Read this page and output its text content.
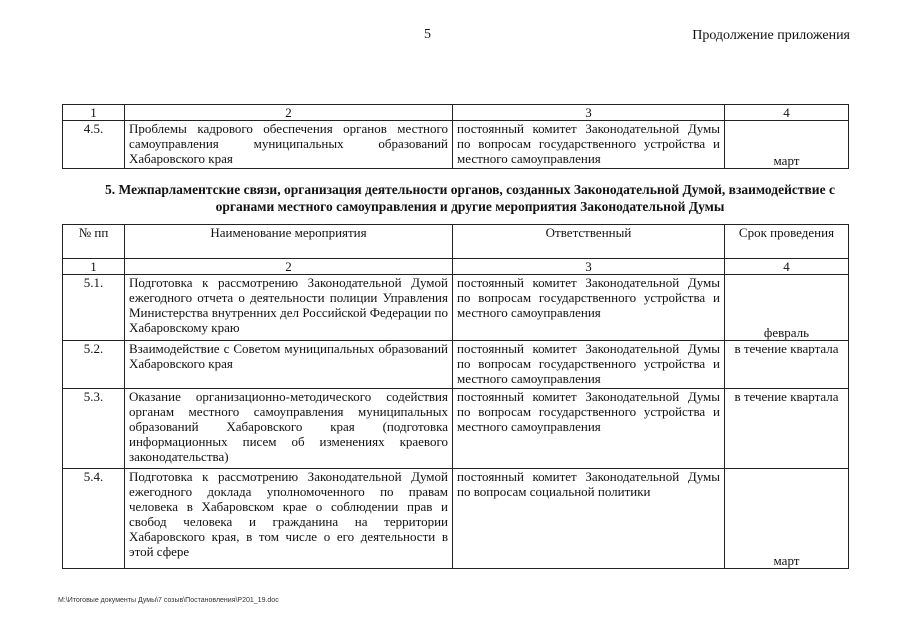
5	Продолжение приложения
1	2	3	4
4.5.	Проблемы кадрового обеспечения органов местного самоуправления муниципальных образований Хабаровского края	постоянный комитет Законодательной Думы по вопросам государственного устройства и местного самоуправления	март
5. Межпарламентские связи, организация деятельности органов, созданных Законодательной Думой, взаимодействие с органами местного самоуправления и другие мероприятия Законодательной Думы
№ пп	Наименование мероприятия	Ответственный	Срок проведения
1	2	3	4
5.1.	Подготовка к рассмотрению Законодательной Думой ежегодного отчета о деятельности полиции Управления Министерства внутренних дел Российской Федерации по Хабаровскому краю	постоянный комитет Законодательной Думы по вопросам государственного устройства и местного самоуправления	февраль
5.2.	Взаимодействие с Советом муниципальных образований Хабаровского края	постоянный комитет Законодательной Думы по вопросам государственного устройства и местного самоуправления	в течение квартала
5.3.	Оказание организационно-методического содействия органам местного самоуправления муниципальных образований Хабаровского края (подготовка информационных писем об изменениях краевого законодательства)	постоянный комитет Законодательной Думы по вопросам государственного устройства и местного самоуправления	в течение квартала
5.4.	Подготовка к рассмотрению Законодательной Думой ежегодного доклада уполномоченного по правам человека в Хабаровском крае о соблюдении прав и свобод человека и гражданина на территории Хабаровского края, в том числе о его деятельности в этой сфере	постоянный комитет Законодательной Думы по вопросам социальной политики	март
M:\Итоговые документы Думы\7 созыв\Постановления\P201_19.doc
